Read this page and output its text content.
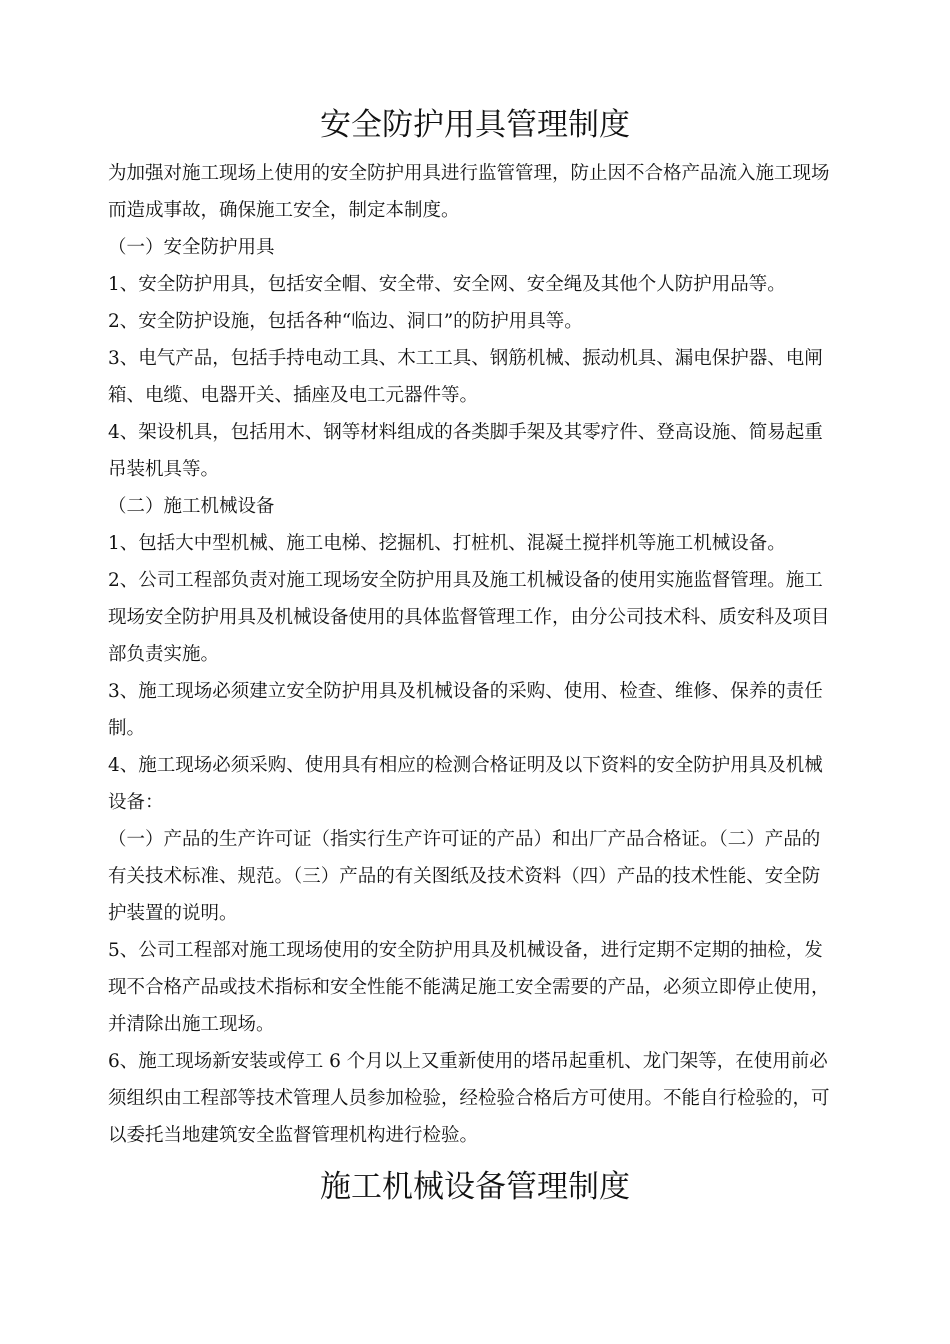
安全防护用具管理制度

为加强对施工现场上使用的安全防护用具进行监管管理，防止因不合格产品流入施工现场
而造成事故，确保施工安全，制定本制度。

（一）安全防护用具

1、安全防护用具，包括安全帽、安全带、安全网、安全绳及其他个人防护用品等。

2、安全防护设施，包括各种“临边、洞口”的防护用具等。

3、电气产品，包括手持电动工具、木工工具、钢筋机械、振动机具、漏电保护器、电闸
箱、电缆、电器开关、插座及电工元器件等。

4、架设机具，包括用木、钢等材料组成的各类脚手架及其零疗件、登高设施、简易起重
吊装机具等。

（二）施工机械设备

1、包括大中型机械、施工电梯、挖掘机、打桩机、混凝土搅拌机等施工机械设备。

2、公司工程部负责对施工现场安全防护用具及施工机械设备的使用实施监督管理。施工
现场安全防护用具及机械设备使用的具体监督管理工作，由分公司技术科、质安科及项目
部负责实施。

3、施工现场必须建立安全防护用具及机械设备的采购、使用、检查、维修、保养的责任
制。

4、施工现场必须采购、使用具有相应的检测合格证明及以下资料的安全防护用具及机械
设备：

（一）产品的生产许可证（指实行生产许可证的产品）和出厂产品合格证。（二）产品的
有关技术标准、规范。（三）产品的有关图纸及技术资料（四）产品的技术性能、安全防
护装置的说明。

5、公司工程部对施工现场使用的安全防护用具及机械设备，进行定期不定期的抽检，发
现不合格产品或技术指标和安全性能不能满足施工安全需要的产品，必须立即停止使用，
并清除出施工现场。

6、施工现场新安装或停工 6 个月以上又重新使用的塔吊起重机、龙门架等，在使用前必
须组织由工程部等技术管理人员参加检验，经检验合格后方可使用。不能自行检验的，可
以委托当地建筑安全监督管理机构进行检验。

施工机械设备管理制度
